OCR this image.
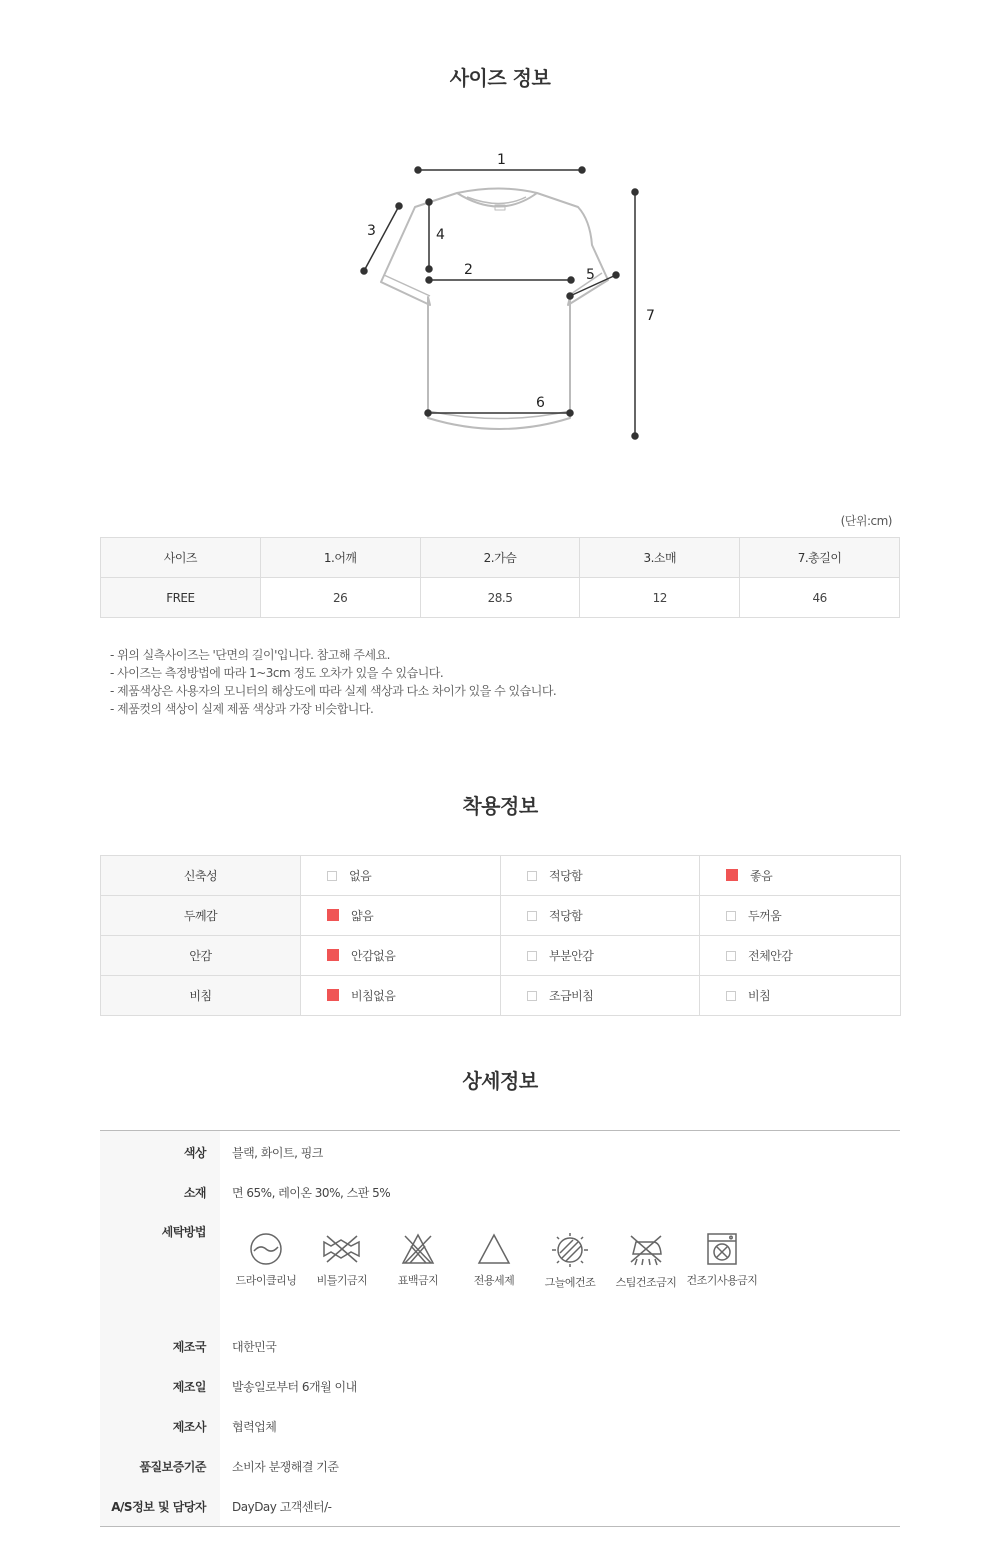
사이즈 정보
1
2
3	4
5
6
7
(단위:cm)
사이즈	1.어깨	2.가슴	3.소매	7.총길이
FREE	26	28.5	12	46
- 위의 실측사이즈는 '단면의 길이'입니다. 참고해 주세요.
- 사이즈는 측정방법에 따라 1~3cm 정도 오차가 있을 수 있습니다.
- 제품색상은 사용자의 모니터의 해상도에 따라 실제 색상과 다소 차이가 있을 수 있습니다.
- 제품컷의 색상이 실제 제품 색상과 가장 비슷합니다.
착용정보
신축성	없음	적당함	좋음
두께감	얇음	적당함	두꺼움
안감	안감없음	부분안감	전체안감
비침	비침없음	조금비침	비침
상세정보
색상 블랙, 화이트, 핑크
소재 면 65%, 레이온 30%, 스판 5%
세탁방법
제조국 대한민국
제조일 발송일로부터 6개월 이내
제조사 협력업체
품질보증기준 소비자 분쟁해결 기준
A/S정보 및 담당자 DayDay 고객센터/-
드라이클리닝	비틀기금지	표백금지	전용세제	그늘에건조	스팀건조금지 건조기사용금지
